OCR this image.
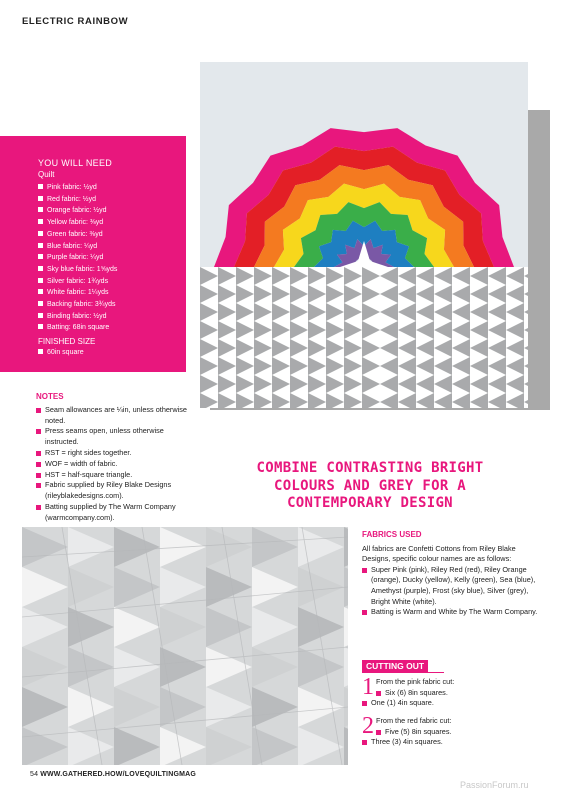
ELECTRIC RAINBOW
YOU WILL NEED
Quilt
Pink fabric: ½yd
Red fabric: ½yd
Orange fabric: ½yd
Yellow fabric: ⅜yd
Green fabric: ⅜yd
Blue fabric: ¼yd
Purple fabric: ¼yd
Sky blue fabric: 1⅝yds
Silver fabric: 1¾yds
White fabric: 1¼yds
Backing fabric: 3¾yds
Binding fabric: ½yd
Batting: 68in square
FINISHED SIZE
60in square
NOTES
Seam allowances are ¼in, unless otherwise noted.
Press seams open, unless otherwise instructed.
RST = right sides together.
WOF = width of fabric.
HST = half-square triangle.
Fabric supplied by Riley Blake Designs (rileyblakedesigns.com).
Batting supplied by The Warm Company (warmcompany.com).
COMBINE CONTRASTING BRIGHT
COLOURS AND GREY FOR A
CONTEMPORARY DESIGN
FABRICS USED
All fabrics are Confetti Cottons from Riley Blake Designs, specific colour names are as follows:
Super Pink (pink), Riley Red (red), Riley Orange (orange), Ducky (yellow), Kelly (green), Sea (blue), Amethyst (purple), Frost (sky blue), Silver (grey), Bright White (white).
Batting is Warm and White by The Warm Company.
CUTTING OUT
1 From the pink fabric cut:
Six (6) 8in squares.
One (1) 4in square.
2 From the red fabric cut:
Five (5) 8in squares.
Three (3) 4in squares.
54 WWW.GATHERED.HOW/LOVEQUILTINGMAG
PassionForum.ru
